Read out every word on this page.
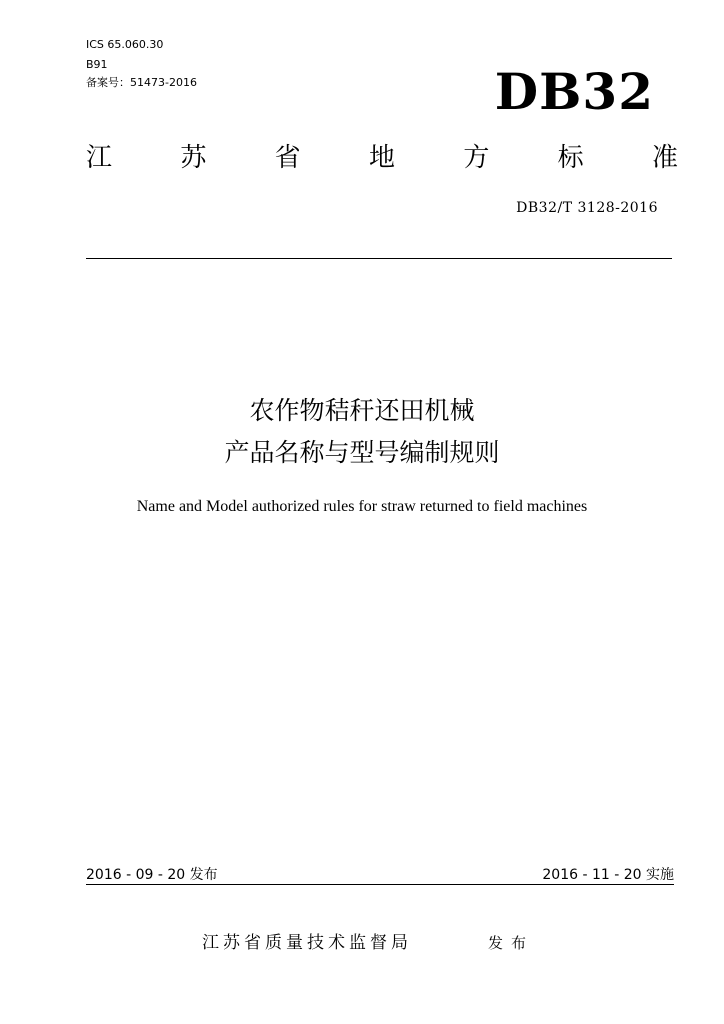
ICS 65.060.30
B91
备案号：51473-2016	DB32
江	苏	省	地	方	标	准
DB32/T 3128-2016
农作物秸秆还田机械
产品名称与型号编制规则
Name and Model authorized rules for straw returned to field machines
2016 - 09 - 20 发布	2016 - 11 - 20 实施
江苏省质量技术监督局	发布
